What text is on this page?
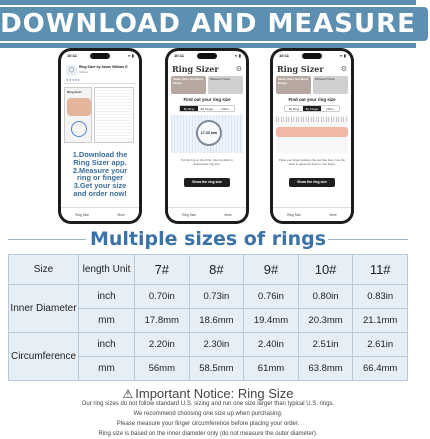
DOWNLOAD AND MEASURE
10:11	▪▪ ▮
◯	Ring Sizer by Jason William G
Utilities
★★★★★
Ring Sizer
1.Download the
Ring Sizer app.
2.Measure your
ring or finger
3.Get your size
and order now!
Ring Size	More
10:11	▪▪ ▮
Ring Sizer ⚙
Stack Sizer Get Many Rings!
Phones? Free
Find out your ring size
By Ring	By Finger	Other
17.33 mm
Put the ring on the circle. Use the slider to determinate ring size.
Show the ring size
Ring Size	More
10:11	▪▪ ▮
Ring Sizer ⚙
Stack Sizer Get Many Rings!
Phones? Free
Find out your ring size
By Ring	By Finger	Other
Place your finger between the two blue lines. Use the slider to adjust the lines to your finger.
Show the ring size
Ring Size	More
Multiple sizes of rings
Size	length Unit	7#	8#	9#	10#	11#
Inner Diameter	inch	0.70in	0.73in	0.76in	0.80in	0.83in
	mm	17.8mm	18.6mm	19.4mm	20.3mm	21.1mm
Circumference	inch	2.20in	2.30in	2.40in	2.51in	2.61in
	mm	56mm	58.5mm	61mm	63.8mm	66.4mm
⚠ Important Notice: Ring Size
Our ring sizes do not follow standard U.S. sizing and run one size larger than typical U.S. rings.
We recommend choosing one size up when purchasing.
Please measure your finger circumference before placing your order.
Ring size is based on the inner diameter only (do not measure the outer diameter).
